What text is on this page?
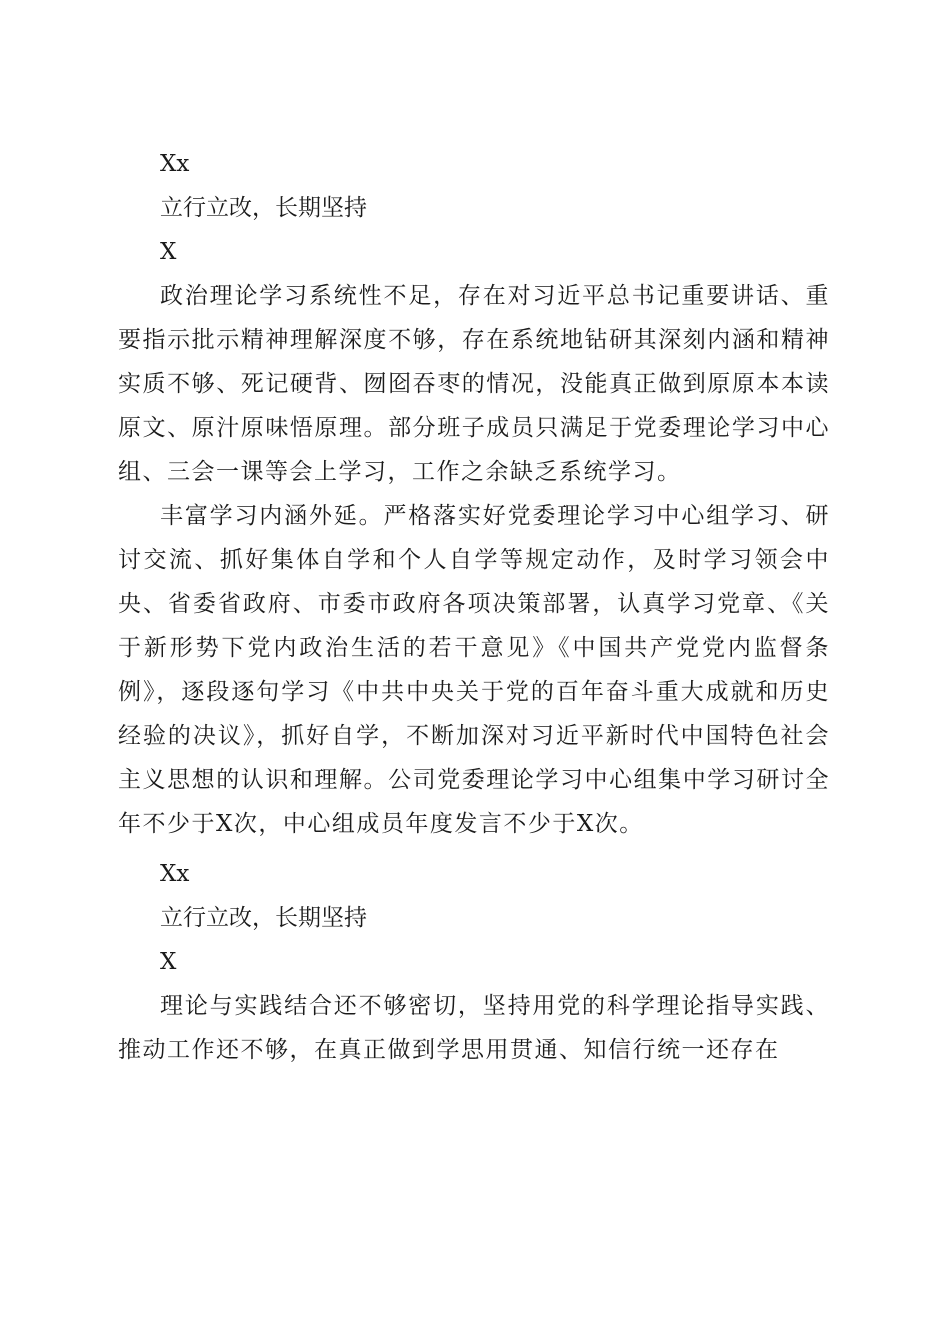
Xx

立行立改，长期坚持

X

政治理论学习系统性不足，存在对习近平总书记重要讲话、重要指示批示精神理解深度不够，存在系统地钻研其深刻内涵和精神实质不够、死记硬背、囫囵吞枣的情况，没能真正做到原原本本读原文、原汁原味悟原理。部分班子成员只满足于党委理论学习中心组、三会一课等会上学习，工作之余缺乏系统学习。

丰富学习内涵外延。严格落实好党委理论学习中心组学习、研讨交流、抓好集体自学和个人自学等规定动作，及时学习领会中央、省委省政府、市委市政府各项决策部署，认真学习党章、《关于新形势下党内政治生活的若干意见》《中国共产党党内监督条例》，逐段逐句学习《中共中央关于党的百年奋斗重大成就和历史经验的决议》，抓好自学，不断加深对习近平新时代中国特色社会主义思想的认识和理解。公司党委理论学习中心组集中学习研讨全年不少于X次，中心组成员年度发言不少于X次。

Xx

立行立改，长期坚持

X

理论与实践结合还不够密切，坚持用党的科学理论指导实践、推动工作还不够，在真正做到学思用贯通、知信行统一还存在
